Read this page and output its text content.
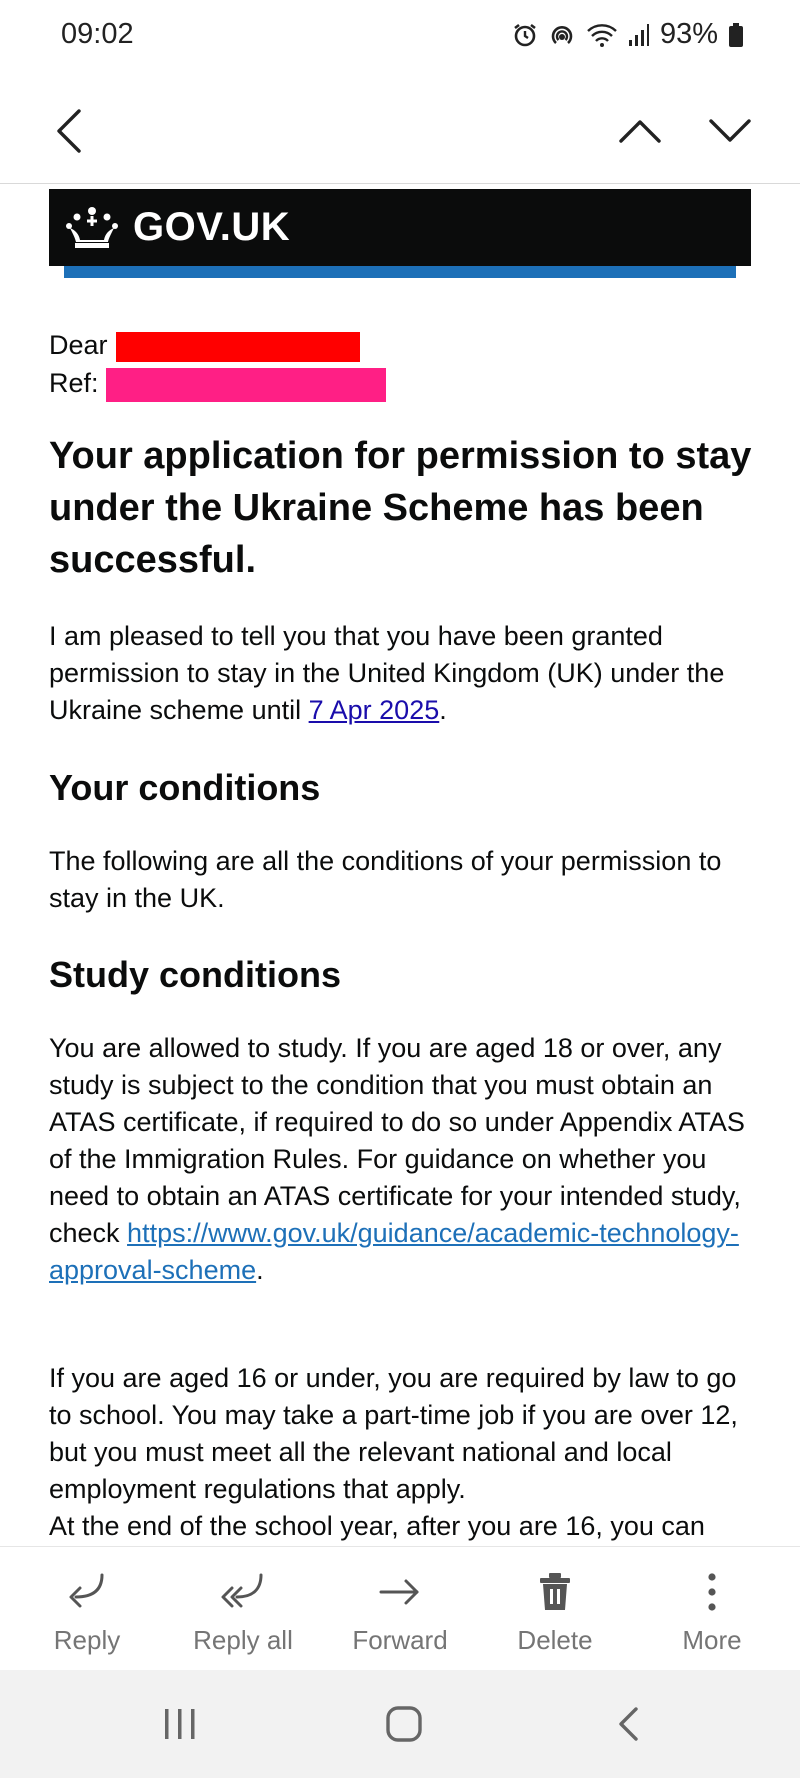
09:02	93%
GOV.UK
Dear
Ref:
Your application for permission to stay under the Ukraine Scheme has been successful.

I am pleased to tell you that you have been granted permission to stay in the United Kingdom (UK) under the Ukraine scheme until 7 Apr 2025.

Your conditions

The following are all the conditions of your permission to stay in the UK.

Study conditions

You are allowed to study. If you are aged 18 or over, any study is subject to the condition that you must obtain an ATAS certificate, if required to do so under Appendix ATAS of the Immigration Rules. For guidance on whether you need to obtain an ATAS certificate for your intended study, check https://www.gov.uk/guidance/academic-technology-approval-scheme.

If you are aged 16 or under, you are required by law to go to school. You may take a part-time job if you are over 12, but you must meet all the relevant national and local employment regulations that apply.
At the end of the school year, after you are 16, you can

Reply	Reply all Forward	Delete	More
